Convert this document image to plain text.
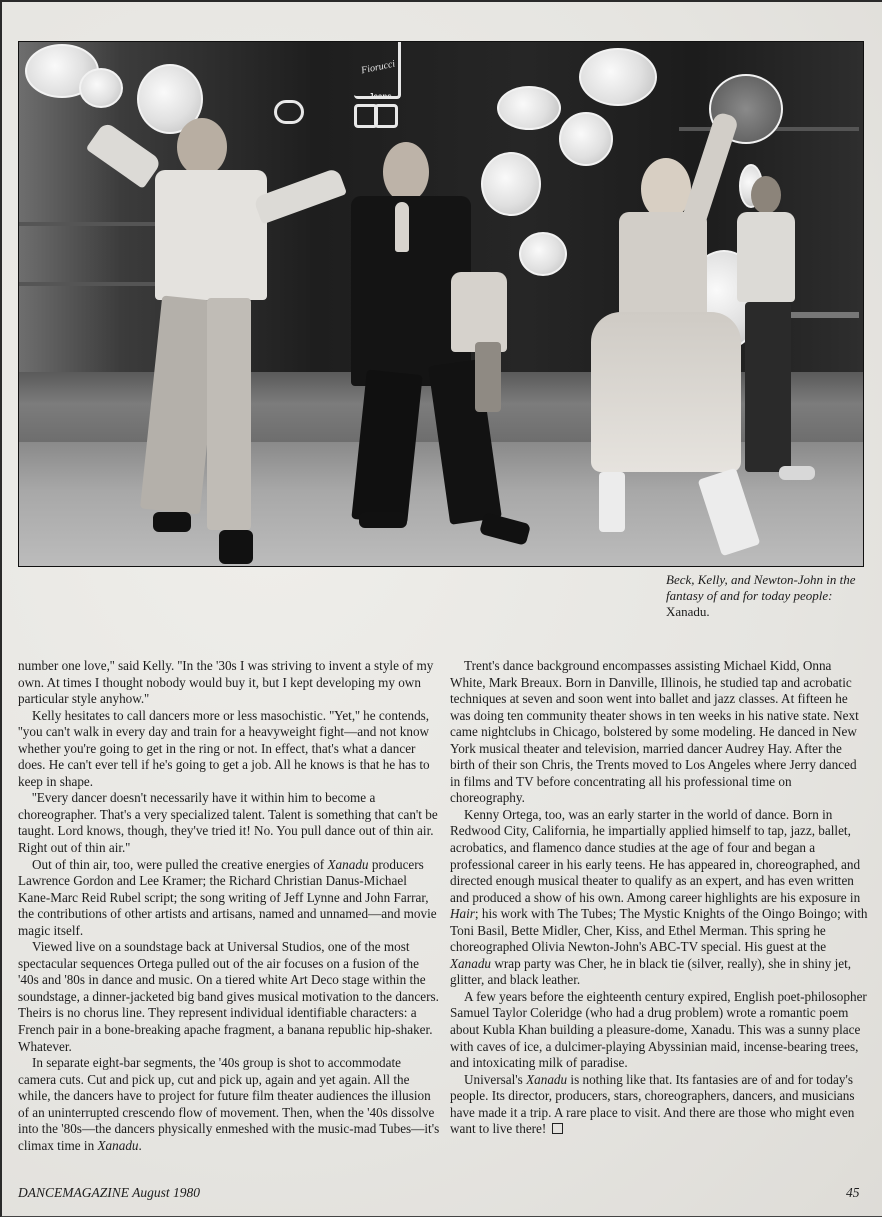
Fiorucci
Jeans
Beck, Kelly, and Newton-John in the fantasy of and for today people: Xanadu.

number one love,'' said Kelly. ''In the '30s I was striving to invent a style of my own. At times I thought nobody would buy it, but I kept developing my own particular style anyhow.''

Kelly hesitates to call dancers more or less masochistic. ''Yet,'' he contends, ''you can't walk in every day and train for a heavyweight fight—and not know whether you're going to get in the ring or not. In effect, that's what a dancer does. He can't ever tell if he's going to get a job. All he knows is that he has to keep in shape.

''Every dancer doesn't necessarily have it within him to become a choreographer. That's a very specialized talent. Talent is something that can't be taught. Lord knows, though, they've tried it! No. You pull dance out of thin air. Right out of thin air.''

Out of thin air, too, were pulled the creative energies of Xanadu producers Lawrence Gordon and Lee Kramer; the Richard Christian Danus-Michael Kane-Marc Reid Rubel script; the song writing of Jeff Lynne and John Farrar, the contributions of other artists and artisans, named and unnamed—and movie magic itself.

Viewed live on a soundstage back at Universal Studios, one of the most spectacular sequences Ortega pulled out of the air focuses on a fusion of the '40s and '80s in dance and music. On a tiered white Art Deco stage within the soundstage, a dinner-jacketed big band gives musical motivation to the dancers. Theirs is no chorus line. They represent individual identifiable characters: a French pair in a bone-breaking apache fragment, a banana republic hip-shaker. Whatever.

In separate eight-bar segments, the '40s group is shot to accommodate camera cuts. Cut and pick up, cut and pick up, again and yet again. All the while, the dancers have to project for future film theater audiences the illusion of an uninterrupted crescendo flow of movement. Then, when the '40s dissolve into the '80s—the dancers physically enmeshed with the music-mad Tubes—it's climax time in Xanadu.

Trent's dance background encompasses assisting Michael Kidd, Onna White, Mark Breaux. Born in Danville, Illinois, he studied tap and acrobatic techniques at seven and soon went into ballet and jazz classes. At fifteen he was doing ten community theater shows in ten weeks in his native state. Next came nightclubs in Chicago, bolstered by some modeling. He danced in New York musical theater and television, married dancer Audrey Hay. After the birth of their son Chris, the Trents moved to Los Angeles where Jerry danced in films and TV before concentrating all his professional time on choreography.

Kenny Ortega, too, was an early starter in the world of dance. Born in Redwood City, California, he impartially applied himself to tap, jazz, ballet, acrobatics, and flamenco dance studies at the age of four and began a professional career in his early teens. He has appeared in, choreographed, and directed enough musical theater to qualify as an expert, and has even written and produced a show of his own. Among career highlights are his exposure in Hair; his work with The Tubes; The Mystic Knights of the Oingo Boingo; with Toni Basil, Bette Midler, Cher, Kiss, and Ethel Merman. This spring he choreographed Olivia Newton-John's ABC-TV special. His guest at the Xanadu wrap party was Cher, he in black tie (silver, really), she in shiny jet, glitter, and black leather.

A few years before the eighteenth century expired, English poet-philosopher Samuel Taylor Coleridge (who had a drug problem) wrote a romantic poem about Kubla Khan building a pleasure-dome, Xanadu. This was a sunny place with caves of ice, a dulcimer-playing Abyssinian maid, incense-bearing trees, and intoxicating milk of paradise.

Universal's Xanadu is nothing like that. Its fantasies are of and for today's people. Its director, producers, stars, choreographers, dancers, and musicians have made it a trip. A rare place to visit. And there are those who might even want to live there!

DANCEMAGAZINE August 1980	45
